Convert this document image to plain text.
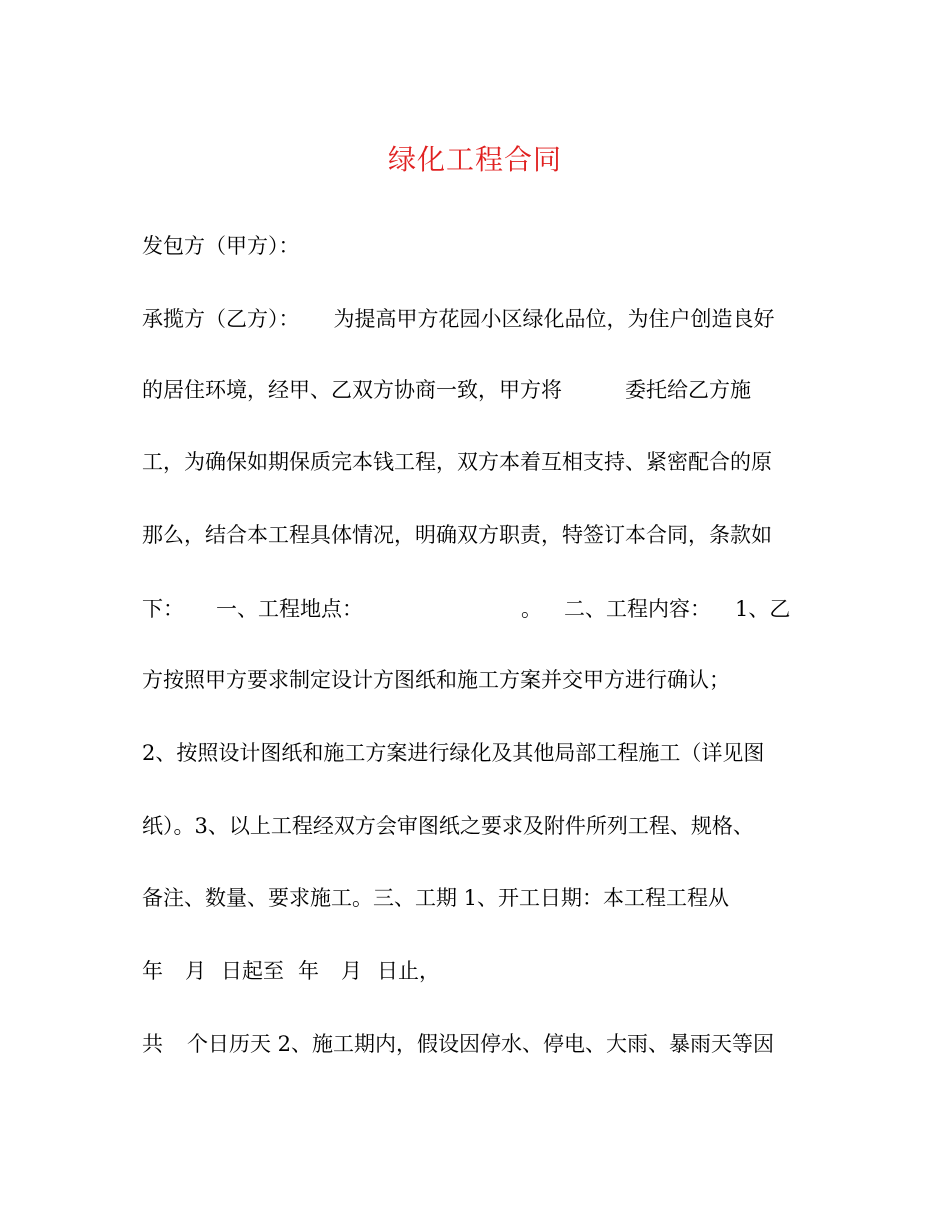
绿化工程合同
发包方（甲方）：
承揽方（乙方）： 为提高甲方花园小区绿化品位，为住户创造良好
的居住环境，经甲、乙双方协商一致，甲方将	委托给乙方施
工，为确保如期保质完本钱工程，双方本着互相支持、紧密配合的原
那么，结合本工程具体情况，明确双方职责，特签订本合同，条款如
下： 一、工程地点：	。 二、工程内容： 1、乙
方按照甲方要求制定设计方图纸和施工方案并交甲方进行确认；
2、按照设计图纸和施工方案进行绿化及其他局部工程施工（详见图
纸）。3、以上工程经双方会审图纸之要求及附件所列工程、规格、
备注、数量、要求施工。三、工期 1、开工日期：本工程工程从
年 月 日起至 年 月 日止，
共 个日历天 2、施工期内，假设因停水、停电、大雨、暴雨天等因
